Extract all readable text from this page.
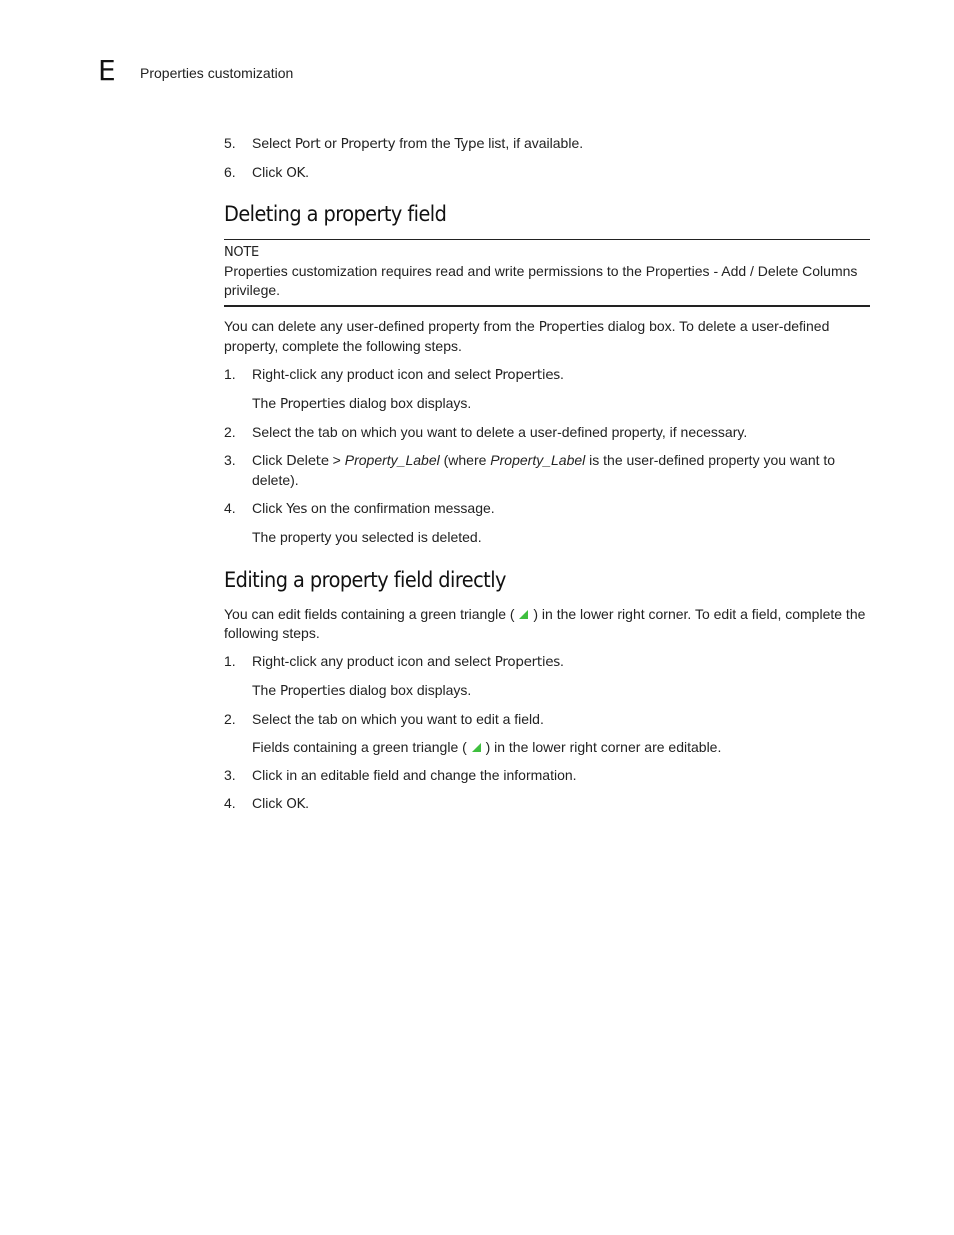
E Properties customization
5.	Select Port or Property from the Type list, if available.
6.	Click OK.
Deleting a property field
NOTE
Properties customization requires read and write permissions to the Properties - Add / Delete Columns privilege.
You can delete any user-defined property from the Properties dialog box. To delete a user-defined property, complete the following steps.
1.	Right-click any product icon and select Properties.
The Properties dialog box displays.
2.	Select the tab on which you want to delete a user-defined property, if necessary.
3.	Click Delete > Property_Label (where Property_Label is the user-defined property you want to delete).
4.	Click Yes on the confirmation message.
The property you selected is deleted.
Editing a property field directly
You can edit fields containing a green triangle (  ) in the lower right corner. To edit a field, complete the following steps.
1.	Right-click any product icon and select Properties.
The Properties dialog box displays.
2.	Select the tab on which you want to edit a field.
Fields containing a green triangle (  ) in the lower right corner are editable.
3.	Click in an editable field and change the information.
4.	Click OK.
